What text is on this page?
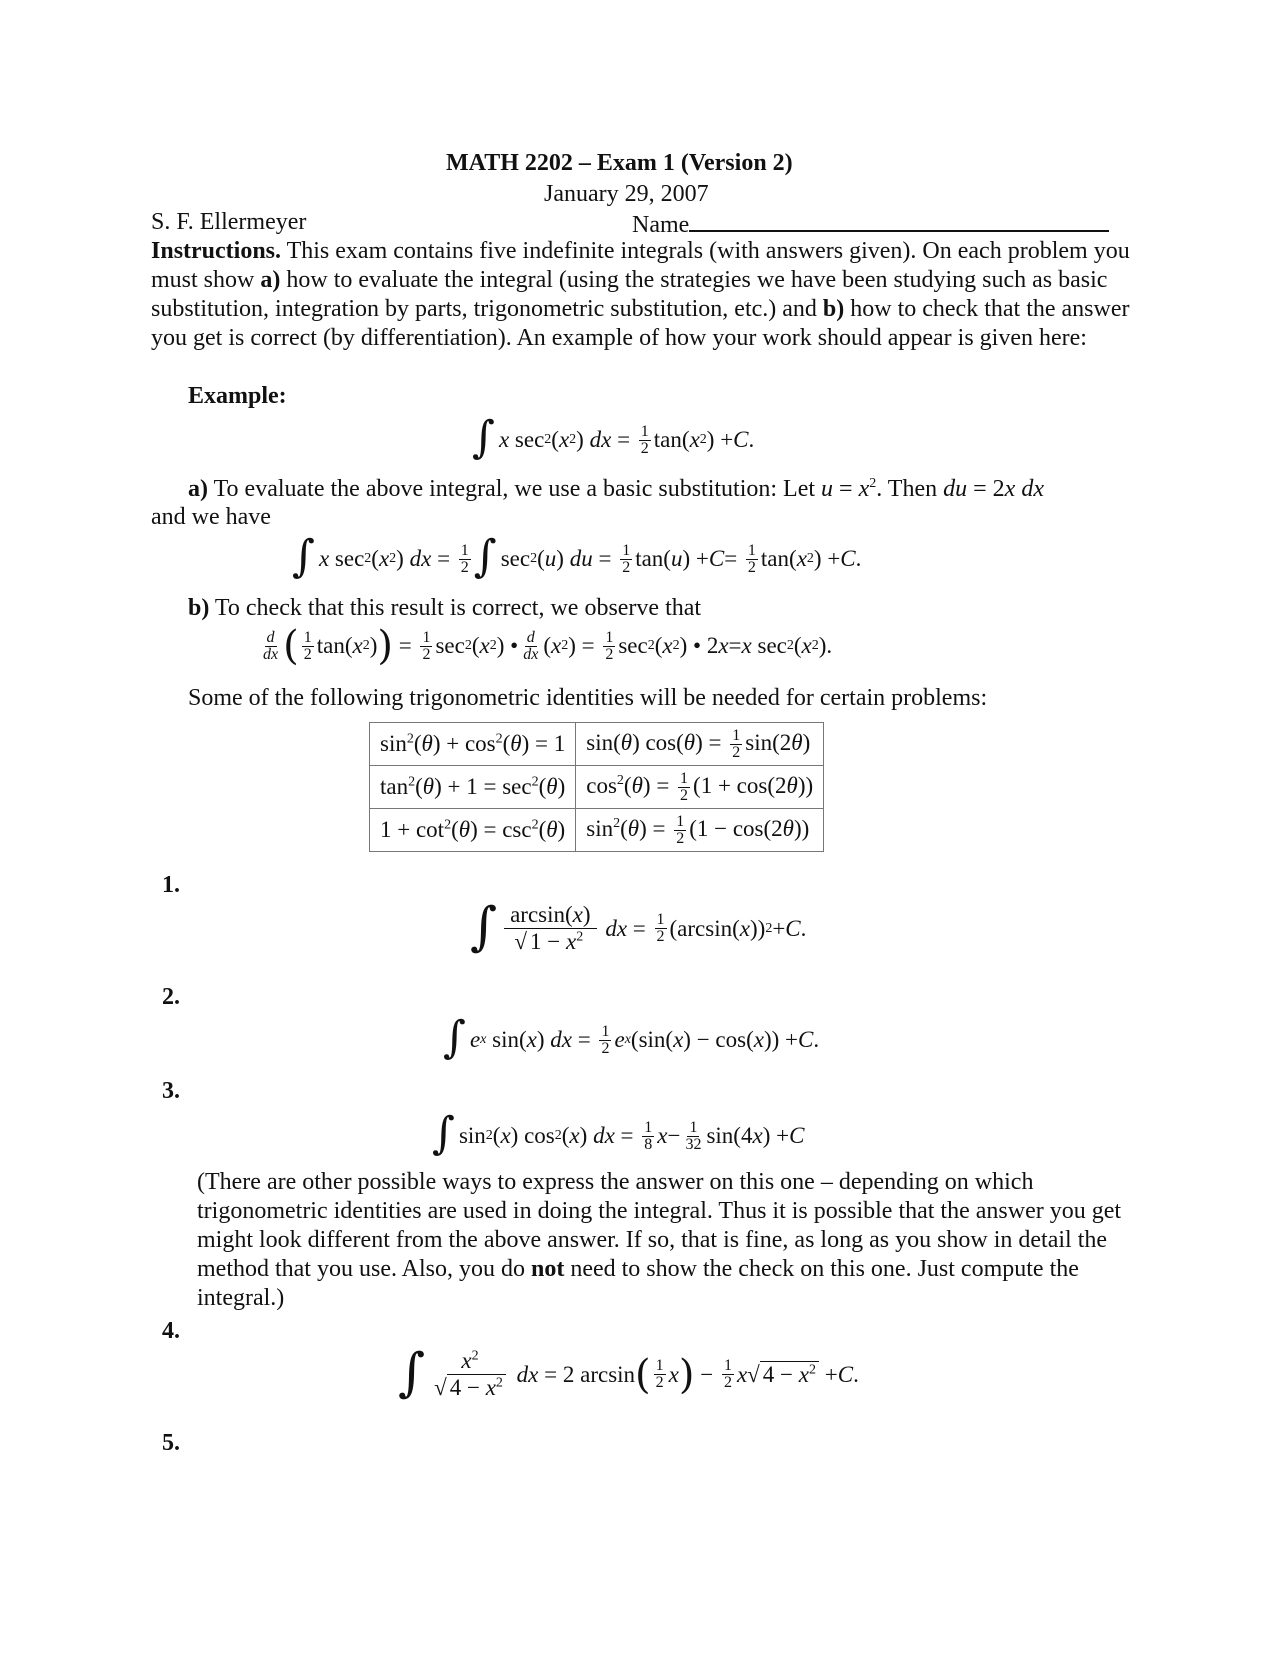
MATH 2202 – Exam 1 (Version 2)
January 29, 2007
S. F. Ellermeyer	Name
Instructions. This exam contains five indefinite integrals (with answers given). On each problem you must show a) how to evaluate the integral (using the strategies we have been studying such as basic substitution, integration by parts, trigonometric substitution, etc.) and b) how to check that the answer you get is correct (by differentiation). An example of how your work should appear is given here:
Example:
∫ x sec 2 ( x 2 ) dx = $\frac{1}{2} \tan$( x 2 ) + C .
a) To evaluate the above integral, we use a basic substitution: Let $u = x^2$. Then du = 2x dx
and we have
∫ x sec 2 ( x 2 ) dx = $\frac{1}{2}$ ∫ sec 2 ( u ) du = $\frac{1}{2} \tan$( u ) + $C = \frac{1}{2} \tan$( x 2 ) + C .
b) To check that this result is correct, we observe that
$\frac{d}{dx}$ ( $\frac{1}{2} \tan$( x 2 ) ) = $\frac{1}{2}$ sec 2 ( x 2 ) • $\frac{d}{dx}$ ( x 2 ) = $\frac{1}{2}$ sec 2 ( x 2 ) • 2 x = x sec 2 ( x 2 ).
Some of the following trigonometric identities will be needed for certain problems:
$\sin^2(\theta) + \cos^2(\theta) = 1$	sin(θ) $\cos(\theta) = \frac{1}{2} \sin(2\theta)$
$\tan^2(\theta) + 1 = \sec^2(\theta)$	$\cos^2(\theta) = \frac{1}{2} (1 + \cos(2\theta))$
$1 + \cot^2(\theta) = \csc^2(\theta)$	$\sin^2(\theta) = \frac{1}{2} (1 - \cos(2\theta))$
1.
∫ $\frac{\arcsin(x)}{√ 1 - x^2}$
dx = $\frac{1}{2} (\arcsin$( x )) 2 + C .
2.
∫ e x sin( x ) dx = $\frac{1}{2}$ e x (sin( x ) − cos( x )) + C .
3.
∫ sin 2 ( x ) cos 2 ( x ) dx = $\frac{1}{8}$ $x - \frac{1}{32} \sin(4$ x ) + C
(There are other possible ways to express the answer on this one – depending on which trigonometric identities are used in doing the integral. Thus it is possible that the answer you get might look different from the above answer. If so, that is fine, as long as you show in detail the method that you use. Also, you do not need to show the check on this one. Just compute the integral.)
4.
∫ $\frac{x^2}{√ 4 - x^2}$
dx = 2 arcsin ( $\frac{1}{2}$ x ) − $\frac{1}{2}$ x √ $4 - x^2 + C$ .
5.
